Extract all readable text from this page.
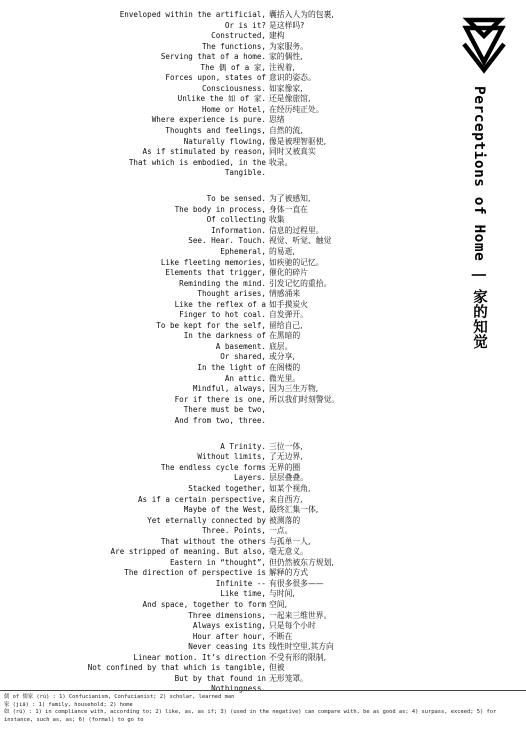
Enveloped within the artificial, 囊括入人为的包裹,
Or is it? 是这样吗?
Constructed, 建构
The functions, 为家服务。
Serving that of a home. 家的偶性,
The 偶 of a 家, 注视着,
Forces upon, states of 意识的姿态。
Consciousness. 如家像家,
Unlike the 如 of 家. 还是像旅馆,
Home or Hotel, 在经历纯正处。
Where experience is pure. 思绪
Thoughts and feelings, 自然的流,
Naturally flowing, 像是被理智驱使,
As if stimulated by reason, 同时又被真实
That which is embodied, in the 收录。
Tangible.
To be sensed. 为了被感知,
The body in process, 身体一直在
Of collecting 收集
Information. 信息的过程里。
See. Hear. Touch. 视觉、听觉、触觉
Ephemeral, 的易逝,
Like fleeting memories, 如疾驰的记忆。
Elements that trigger, 催化的碎片
Reminding the mind. 引发记忆的重拾。
Thought arises, 情感涌来
Like the reflex of a 如手摸炭火
Finger to hot coal. 自发弹开。
To be kept for the self, 留给自己,
In the darkness of 在黑暗的
A basement. 底层。
Or shared, 或分享,
In the light of 在阁楼的
An attic. 微光里。
Mindful, always, 因为三生万物,
For if there is one, 所以我们时刻警觉。
There must be two,
And from two, three.
A Trinity. 三位一体,
Without limits, 了无边界,
The endless cycle forms 无界的圈
Layers. 层层叠叠。
Stacked together, 如某个视角,
As if a certain perspective, 来自西方,
Maybe of the West, 最终汇集一体,
Yet eternally connected by 被测落的
Three. Points, 一点。
That without the others 与孤单一人,
Are stripped of meaning. But also, 毫无意义。
Eastern in “thought”, 但仍然被东方规划,
The direction of perspective is 解释的方式
Infinite -- 有很多很多——
Like time, 与时间,
And space, together to form 空间,
Three dimensions, 一起来三维世界。
Always existing, 只是每个小时
Hour after hour, 不断在
Never ceasing its 线性时空里,其方向
Linear motion. It’s direction 不受有形的限制,
Not confined by that which is tangible, 但被
But by that found in 无形笼罩。
Nothingness.
Perceptions of Home | 家的知觉
儒 of 儒家 (rú) : 1) Confucianism, Confucianist; 2) scholar, learned man
家 (jiā) : 1) family, household; 2) home
如 (rú) : 1) in compliance with, according to; 2) like, as, as if; 3) (used in the negative) can compare with, be as good as; 4) surpass, exceed; 5) for instance, such as, as; 6) (formal) to go to
